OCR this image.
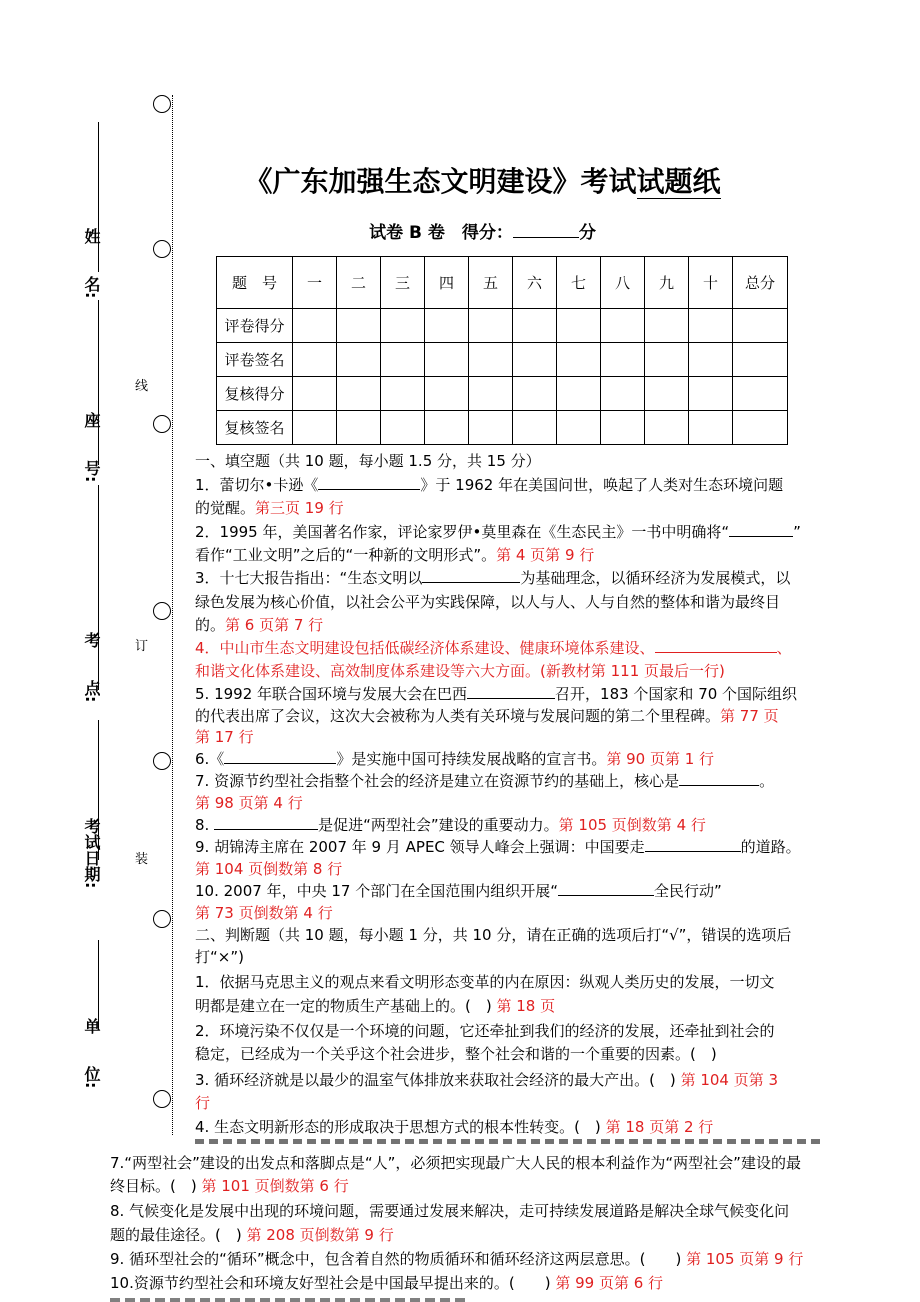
姓　　名:
座　　号:
考　　点:
考试日期:
单　　位:
线
订
装
《广东加强生态文明建设》考试试题纸
试卷 B 卷　得分：	分
题　号	一	二	三	四	五	六	七	八	九	十	总分
评卷得分											
评卷签名											
复核得分											
复核签名											
一、填空题（共 10 题，每小题 1.5 分，共 15 分）
1．蕾切尔•卡逊《	》于 1962 年在美国问世，唤起了人类对生态环境问题
的觉醒。第三页 19 行
2．1995 年，美国著名作家，评论家罗伊•莫里森在《生态民主》一书中明确将“	”
看作“工业文明”之后的“一种新的文明形式”。第 4 页第 9 行
3．十七大报告指出：“生态文明以	为基础理念，以循环经济为发展模式，以
绿色发展为核心价值，以社会公平为实践保障，以人与人、人与自然的整体和谐为最终目
的。第 6 页第 7 行
4．中山市生态文明建设包括低碳经济体系建设、健康环境体系建设、	、
和谐文化体系建设、高效制度体系建设等六大方面。(新教材第 111 页最后一行)
5. 1992 年联合国环境与发展大会在巴西	召开，183 个国家和 70 个国际组织
的代表出席了会议，这次大会被称为人类有关环境与发展问题的第二个里程碑。第 77 页
第 17 行
6.《	》是实施中国可持续发展战略的宣言书。第 90 页第 1 行
7. 资源节约型社会指整个社会的经济是建立在资源节约的基础上，核心是	。
第 98 页第 4 行
8.	是促进“两型社会”建设的重要动力。第 105 页倒数第 4 行
9. 胡锦涛主席在 2007 年 9 月 APEC 领导人峰会上强调：中国要走	的道路。
第 104 页倒数第 8 行
10. 2007 年，中央 17 个部门在全国范围内组织开展“	全民行动”
第 73 页倒数第 4 行
二、判断题（共 10 题，每小题 1 分，共 10 分，请在正确的选项后打“√”，错误的选项后
打“×”)
1．依据马克思主义的观点来看文明形态变革的内在原因：纵观人类历史的发展，一切文
明都是建立在一定的物质生产基础上的。(　) 第 18 页
2．环境污染不仅仅是一个环境的问题，它还牵扯到我们的经济的发展，还牵扯到社会的
稳定，已经成为一个关乎这个社会进步，整个社会和谐的一个重要的因素。(　)
3. 循环经济就是以最少的温室气体排放来获取社会经济的最大产出。(　) 第 104 页第 3
行
4. 生态文明新形态的形成取决于思想方式的根本性转变。(　) 第 18 页第 2 行
7.“两型社会”建设的出发点和落脚点是“人”，必须把实现最广大人民的根本利益作为“两型社会”建设的最
终目标。(　) 第 101 页倒数第 6 行
8. 气候变化是发展中出现的环境问题，需要通过发展来解决，走可持续发展道路是解决全球气候变化问
题的最佳途径。(　) 第 208 页倒数第 9 行
9. 循环型社会的“循环”概念中，包含着自然的物质循环和循环经济这两层意思。(　　) 第 105 页第 9 行
10.资源节约型社会和环境友好型社会是中国最早提出来的。(　　) 第 99 页第 6 行
